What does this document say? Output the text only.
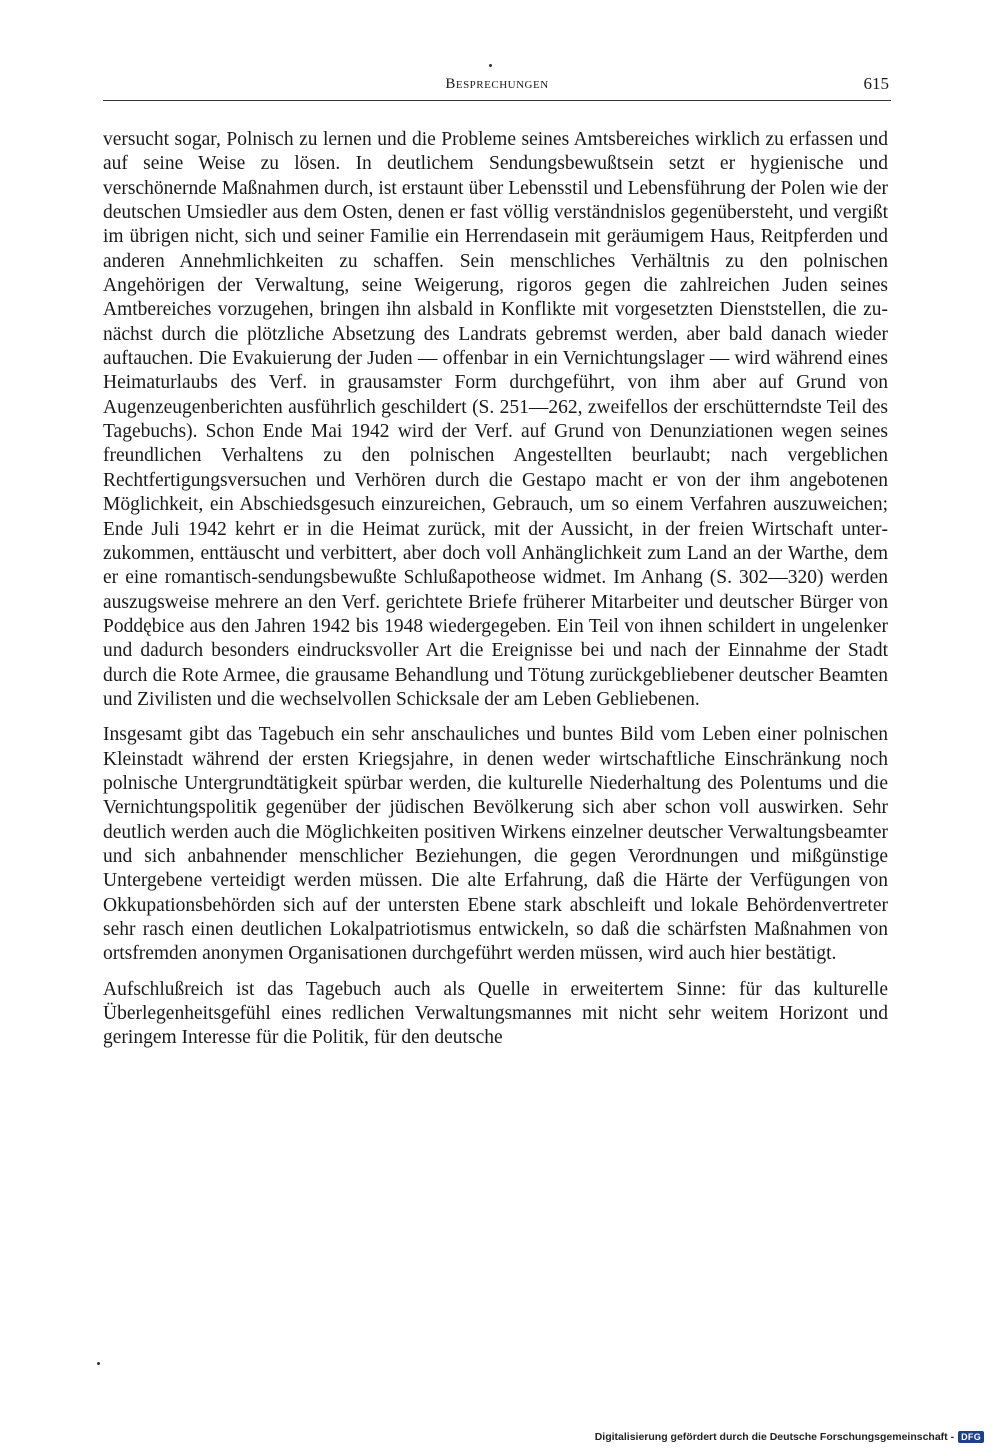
Besprechungen	615

versucht sogar, Polnisch zu lernen und die Probleme seines Amtsbereiches wirklich zu erfassen und auf seine Weise zu lösen. In deutlichem Sendungsbewußtsein setzt er hygienische und verschönernde Maßnahmen durch, ist erstaunt über Lebensstil und Lebensführung der Polen wie der deutschen Umsiedler aus dem Osten, denen er fast völlig verständnislos gegenübersteht, und vergißt im übrigen nicht, sich und seiner Familie ein Herrendasein mit geräumigem Haus, Reitpferden und anderen Annehmlichkeiten zu schaffen. Sein menschliches Verhältnis zu den polnischen Angehörigen der Verwaltung, seine Weigerung, rigoros gegen die zahlreichen Juden seines Amtbereiches vorzugehen, bringen ihn alsbald in Konflikte mit vorgesetzten Dienststellen, die zunächst durch die plötzliche Absetzung des Landrats gebremst werden, aber bald danach wieder auftauchen. Die Evakuierung der Juden — offenbar in ein Vernichtungslager — wird während eines Heimaturlaubs des Verf. in grausamster Form durchgeführt, von ihm aber auf Grund von Augenzeugenberichten ausführlich geschildert (S. 251—262, zweifellos der erschütterndste Teil des Tagebuchs). Schon Ende Mai 1942 wird der Verf. auf Grund von Denunziationen wegen seines freundlichen Verhaltens zu den polnischen Angestellten beurlaubt; nach vergeblichen Rechtfertigungsversuchen und Verhören durch die Gestapo macht er von der ihm angebotenen Möglichkeit, ein Abschiedsgesuch einzureichen, Gebrauch, um so einem Verfahren auszuweichen; Ende Juli 1942 kehrt er in die Heimat zurück, mit der Aussicht, in der freien Wirtschaft unterzukommen, enttäuscht und verbittert, aber doch voll Anhänglichkeit zum Land an der Warthe, dem er eine romantisch-sendungsbewußte Schlußapotheose widmet. Im Anhang (S. 302—320) werden auszugsweise mehrere an den Verf. gerichtete Briefe früherer Mitarbeiter und deutscher Bürger von Poddębice aus den Jahren 1942 bis 1948 wiedergegeben. Ein Teil von ihnen schildert in ungelenker und dadurch besonders eindrucksvoller Art die Ereignisse bei und nach der Einnahme der Stadt durch die Rote Armee, die grausame Behandlung und Tötung zurückgebliebener deutscher Beamten und Zivilisten und die wechselvollen Schicksale der am Leben Gebliebenen.

Insgesamt gibt das Tagebuch ein sehr anschauliches und buntes Bild vom Leben einer polnischen Kleinstadt während der ersten Kriegsjahre, in denen weder wirtschaftliche Einschränkung noch polnische Untergrundtätigkeit spürbar werden, die kulturelle Niederhaltung des Polentums und die Vernichtungspolitik gegenüber der jüdischen Bevölkerung sich aber schon voll auswirken. Sehr deutlich werden auch die Möglichkeiten positiven Wirkens einzelner deutscher Verwaltungsbeamter und sich anbahnender menschlicher Beziehungen, die gegen Verordnungen und mißgünstige Untergebene verteidigt werden müssen. Die alte Erfahrung, daß die Härte der Verfügungen von Okkupationsbehörden sich auf der untersten Ebene stark abschleift und lokale Behördenvertreter sehr rasch einen deutlichen Lokalpatriotismus entwickeln, so daß die schärfsten Maßnahmen von ortsfremden anonymen Organisationen durchgeführt werden müssen, wird auch hier bestätigt.

Aufschlußreich ist das Tagebuch auch als Quelle in erweitertem Sinne: für das kulturelle Überlegenheitsgefühl eines redlichen Verwaltungsmannes mit nicht sehr weitem Horizont und geringem Interesse für die Politik, für den deutsche

Digitalisierung gefördert durch die Deutsche Forschungsgemeinschaft - DFG
